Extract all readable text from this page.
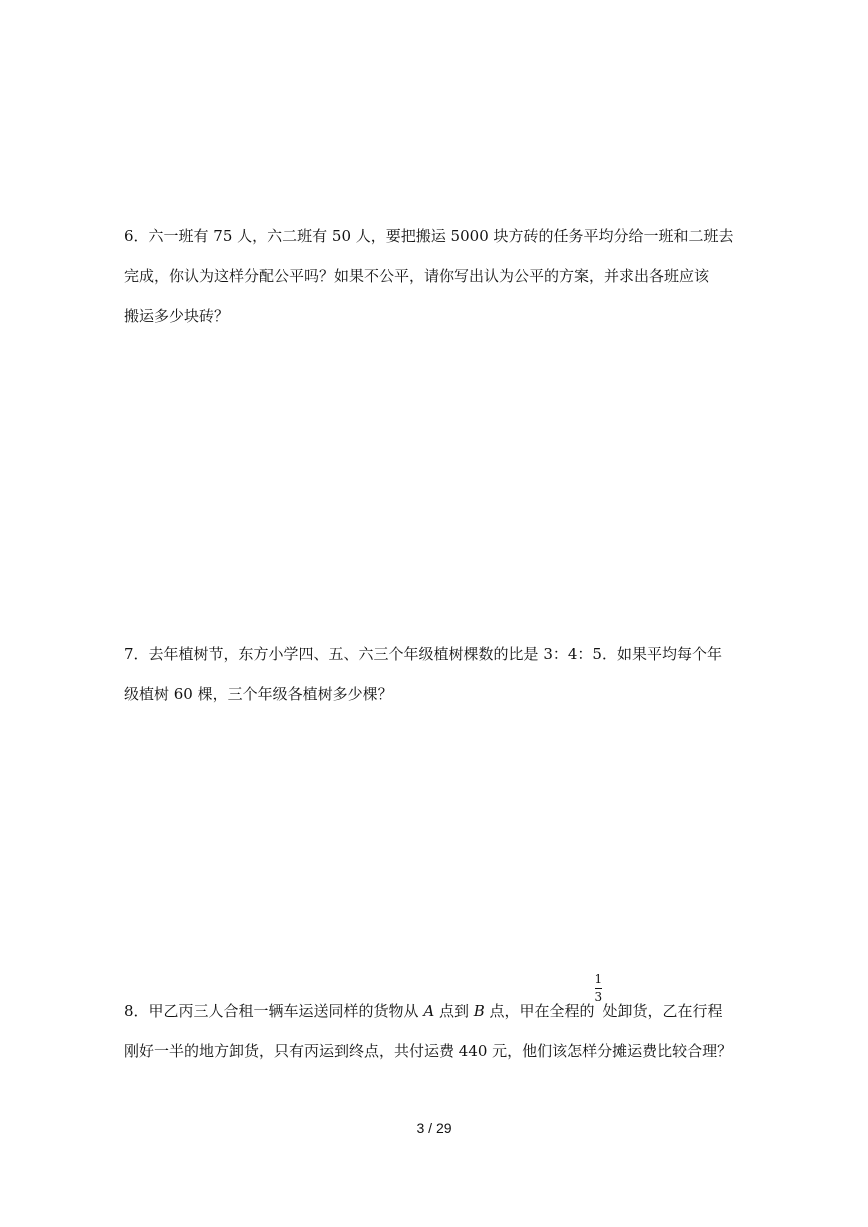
6．六一班有 75 人，六二班有 50 人，要把搬运 5000 块方砖的任务平均分给一班和二班去
完成，你认为这样分配公平吗？如果不公平，请你写出认为公平的方案，并求出各班应该
搬运多少块砖？
7．去年植树节，东方小学四、五、六三个年级植树棵数的比是 3：4：5．如果平均每个年
级植树 60 棵，三个年级各植树多少棵？
8．甲乙丙三人合租一辆车运送同样的货物从 A 点到 B 点，甲在全程的 $\frac{1}{3}$ 处卸货，乙在行程
刚好一半的地方卸货，只有丙运到终点，共付运费 440 元，他们该怎样分摊运费比较合理？
3 / 29
